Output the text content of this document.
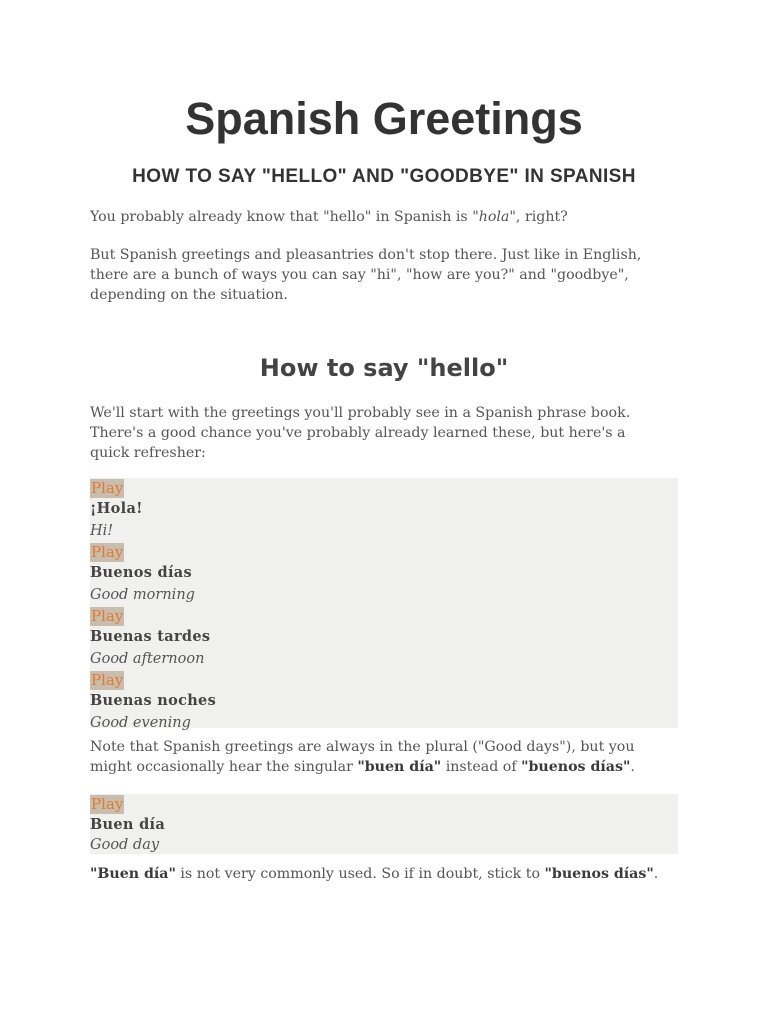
Spanish Greetings
HOW TO SAY "HELLO" AND "GOODBYE" IN SPANISH

You probably already know that "hello" in Spanish is "hola", right?

But Spanish greetings and pleasantries don't stop there. Just like in English, there are a bunch of ways you can say "hi", "how are you?" and "goodbye", depending on the situation.

How to say "hello"

We'll start with the greetings you'll probably see in a Spanish phrase book. There's a good chance you've probably already learned these, but here's a quick refresher:

Play
¡Hola!
Hi!
Play
Buenos días
Good morning
Play
Buenas tardes
Good afternoon
Play
Buenas noches
Good evening

Note that Spanish greetings are always in the plural ("Good days"), but you might occasionally hear the singular "buen día" instead of "buenos días".

Play
Buen día
Good day

"Buen día" is not very commonly used. So if in doubt, stick to "buenos días".
